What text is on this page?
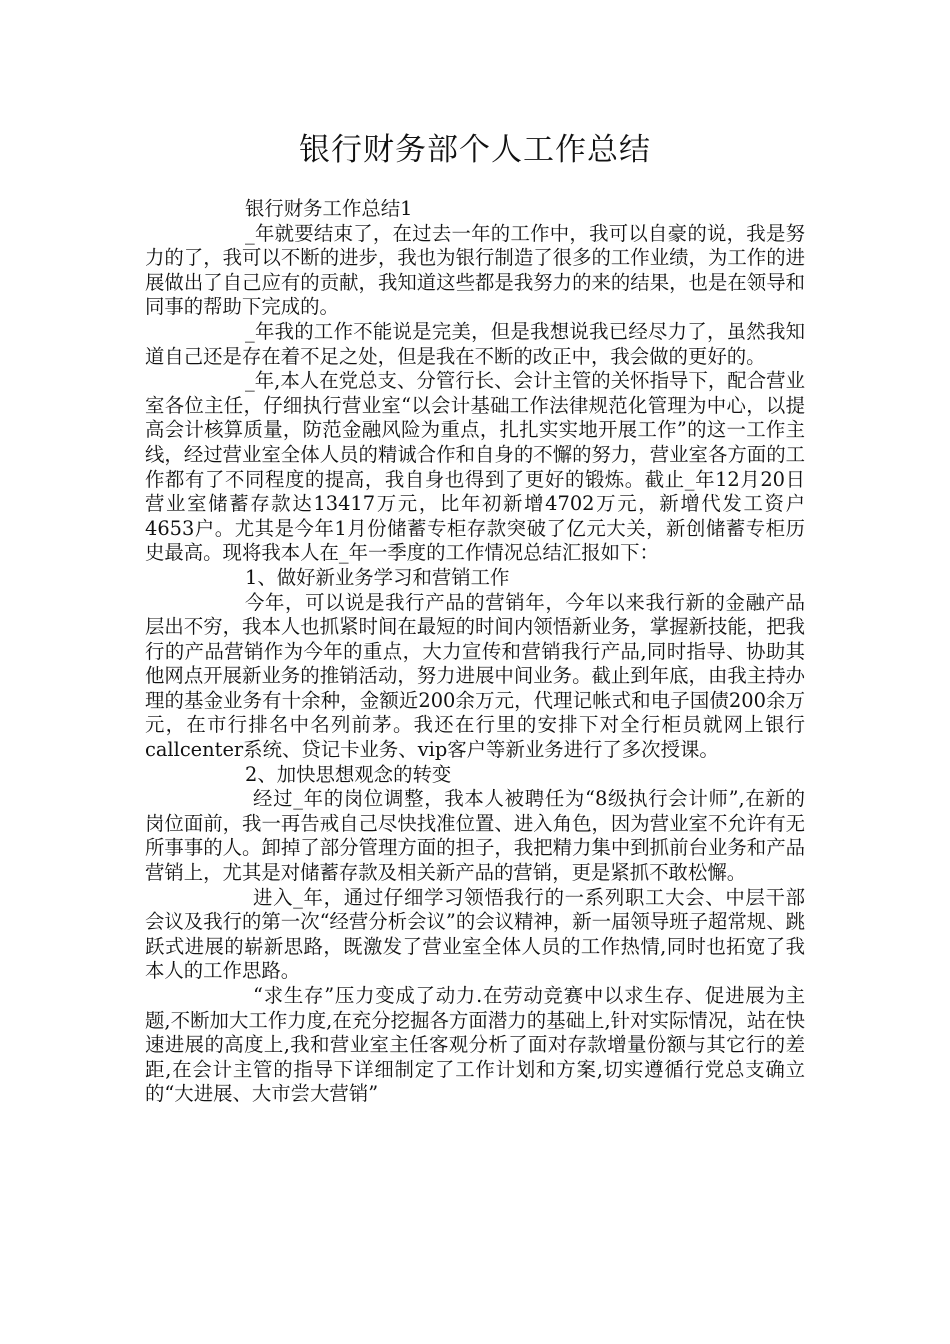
银行财务部个人工作总结

银行财务工作总结1

_年就要结束了，在过去一年的工作中，我可以自豪的说，我是努力的了，我可以不断的进步，我也为银行制造了很多的工作业绩，为工作的进展做出了自己应有的贡献，我知道这些都是我努力的来的结果，也是在领导和同事的帮助下完成的。

_年我的工作不能说是完美，但是我想说我已经尽力了，虽然我知道自己还是存在着不足之处，但是我在不断的改正中，我会做的更好的。

_年,本人在党总支、分管行长、会计主管的关怀指导下，配合营业室各位主任，仔细执行营业室“以会计基础工作法律规范化管理为中心，以提高会计核算质量，防范金融风险为重点，扎扎实实地开展工作”的这一工作主线，经过营业室全体人员的精诚合作和自身的不懈的努力，营业室各方面的工作都有了不同程度的提高，我自身也得到了更好的锻炼。截止_年12月20日营业室储蓄存款达13417万元，比年初新增4702万元，新增代发工资户4653户。尤其是今年1月份储蓄专柜存款突破了亿元大关，新创储蓄专柜历史最高。现将我本人在_年一季度的工作情况总结汇报如下：

1、做好新业务学习和营销工作

今年，可以说是我行产品的营销年，今年以来我行新的金融产品层出不穷，我本人也抓紧时间在最短的时间内领悟新业务，掌握新技能，把我行的产品营销作为今年的重点，大力宣传和营销我行产品,同时指导、协助其他网点开展新业务的推销活动，努力进展中间业务。截止到年底，由我主持办理的基金业务有十余种，金额近200余万元，代理记帐式和电子国债200余万元，在市行排名中名列前茅。我还在行里的安排下对全行柜员就网上银行callcenter系统、贷记卡业务、vip客户等新业务进行了多次授课。

2、加快思想观念的转变

经过_年的岗位调整，我本人被聘任为“8级执行会计师”,在新的岗位面前，我一再告戒自己尽快找准位置、进入角色，因为营业室不允许有无所事事的人。卸掉了部分管理方面的担子，我把精力集中到抓前台业务和产品营销上，尤其是对储蓄存款及相关新产品的营销，更是紧抓不敢松懈。

进入_年，通过仔细学习领悟我行的一系列职工大会、中层干部会议及我行的第一次“经营分析会议”的会议精神，新一届领导班子超常规、跳跃式进展的崭新思路，既激发了营业室全体人员的工作热情,同时也拓宽了我本人的工作思路。

“求生存”压力变成了动力.在劳动竞赛中以求生存、促进展为主题,不断加大工作力度,在充分挖掘各方面潜力的基础上,针对实际情况，站在快速进展的高度上,我和营业室主任客观分析了面对存款增量份额与其它行的差距,在会计主管的指导下详细制定了工作计划和方案,切实遵循行党总支确立的“大进展、大市尝大营销”
